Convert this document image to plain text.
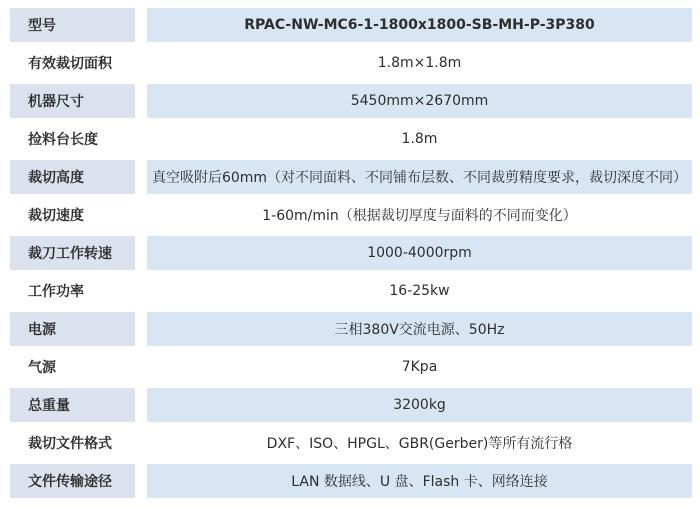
型号	RPAC-NW-MC6-1-1800x1800-SB-MH-P-3P380
有效裁切面积	1.8m×1.8m
机器尺寸	5450mm×2670mm
捡料台长度	1.8m
裁切高度	真空吸附后60mm（对不同面料、不同铺布层数、不同裁剪精度要求，裁切深度不同）
裁切速度	1-60m/min（根据裁切厚度与面料的不同而变化）
裁刀工作转速	1000-4000rpm
工作功率	16-25kw
电源	三相380V交流电源、50Hz
气源	7Kpa
总重量	3200kg
裁切文件格式	DXF、ISO、HPGL、GBR(Gerber)等所有流行格
文件传输途径	LAN 数据线、U 盘、Flash 卡、网络连接
